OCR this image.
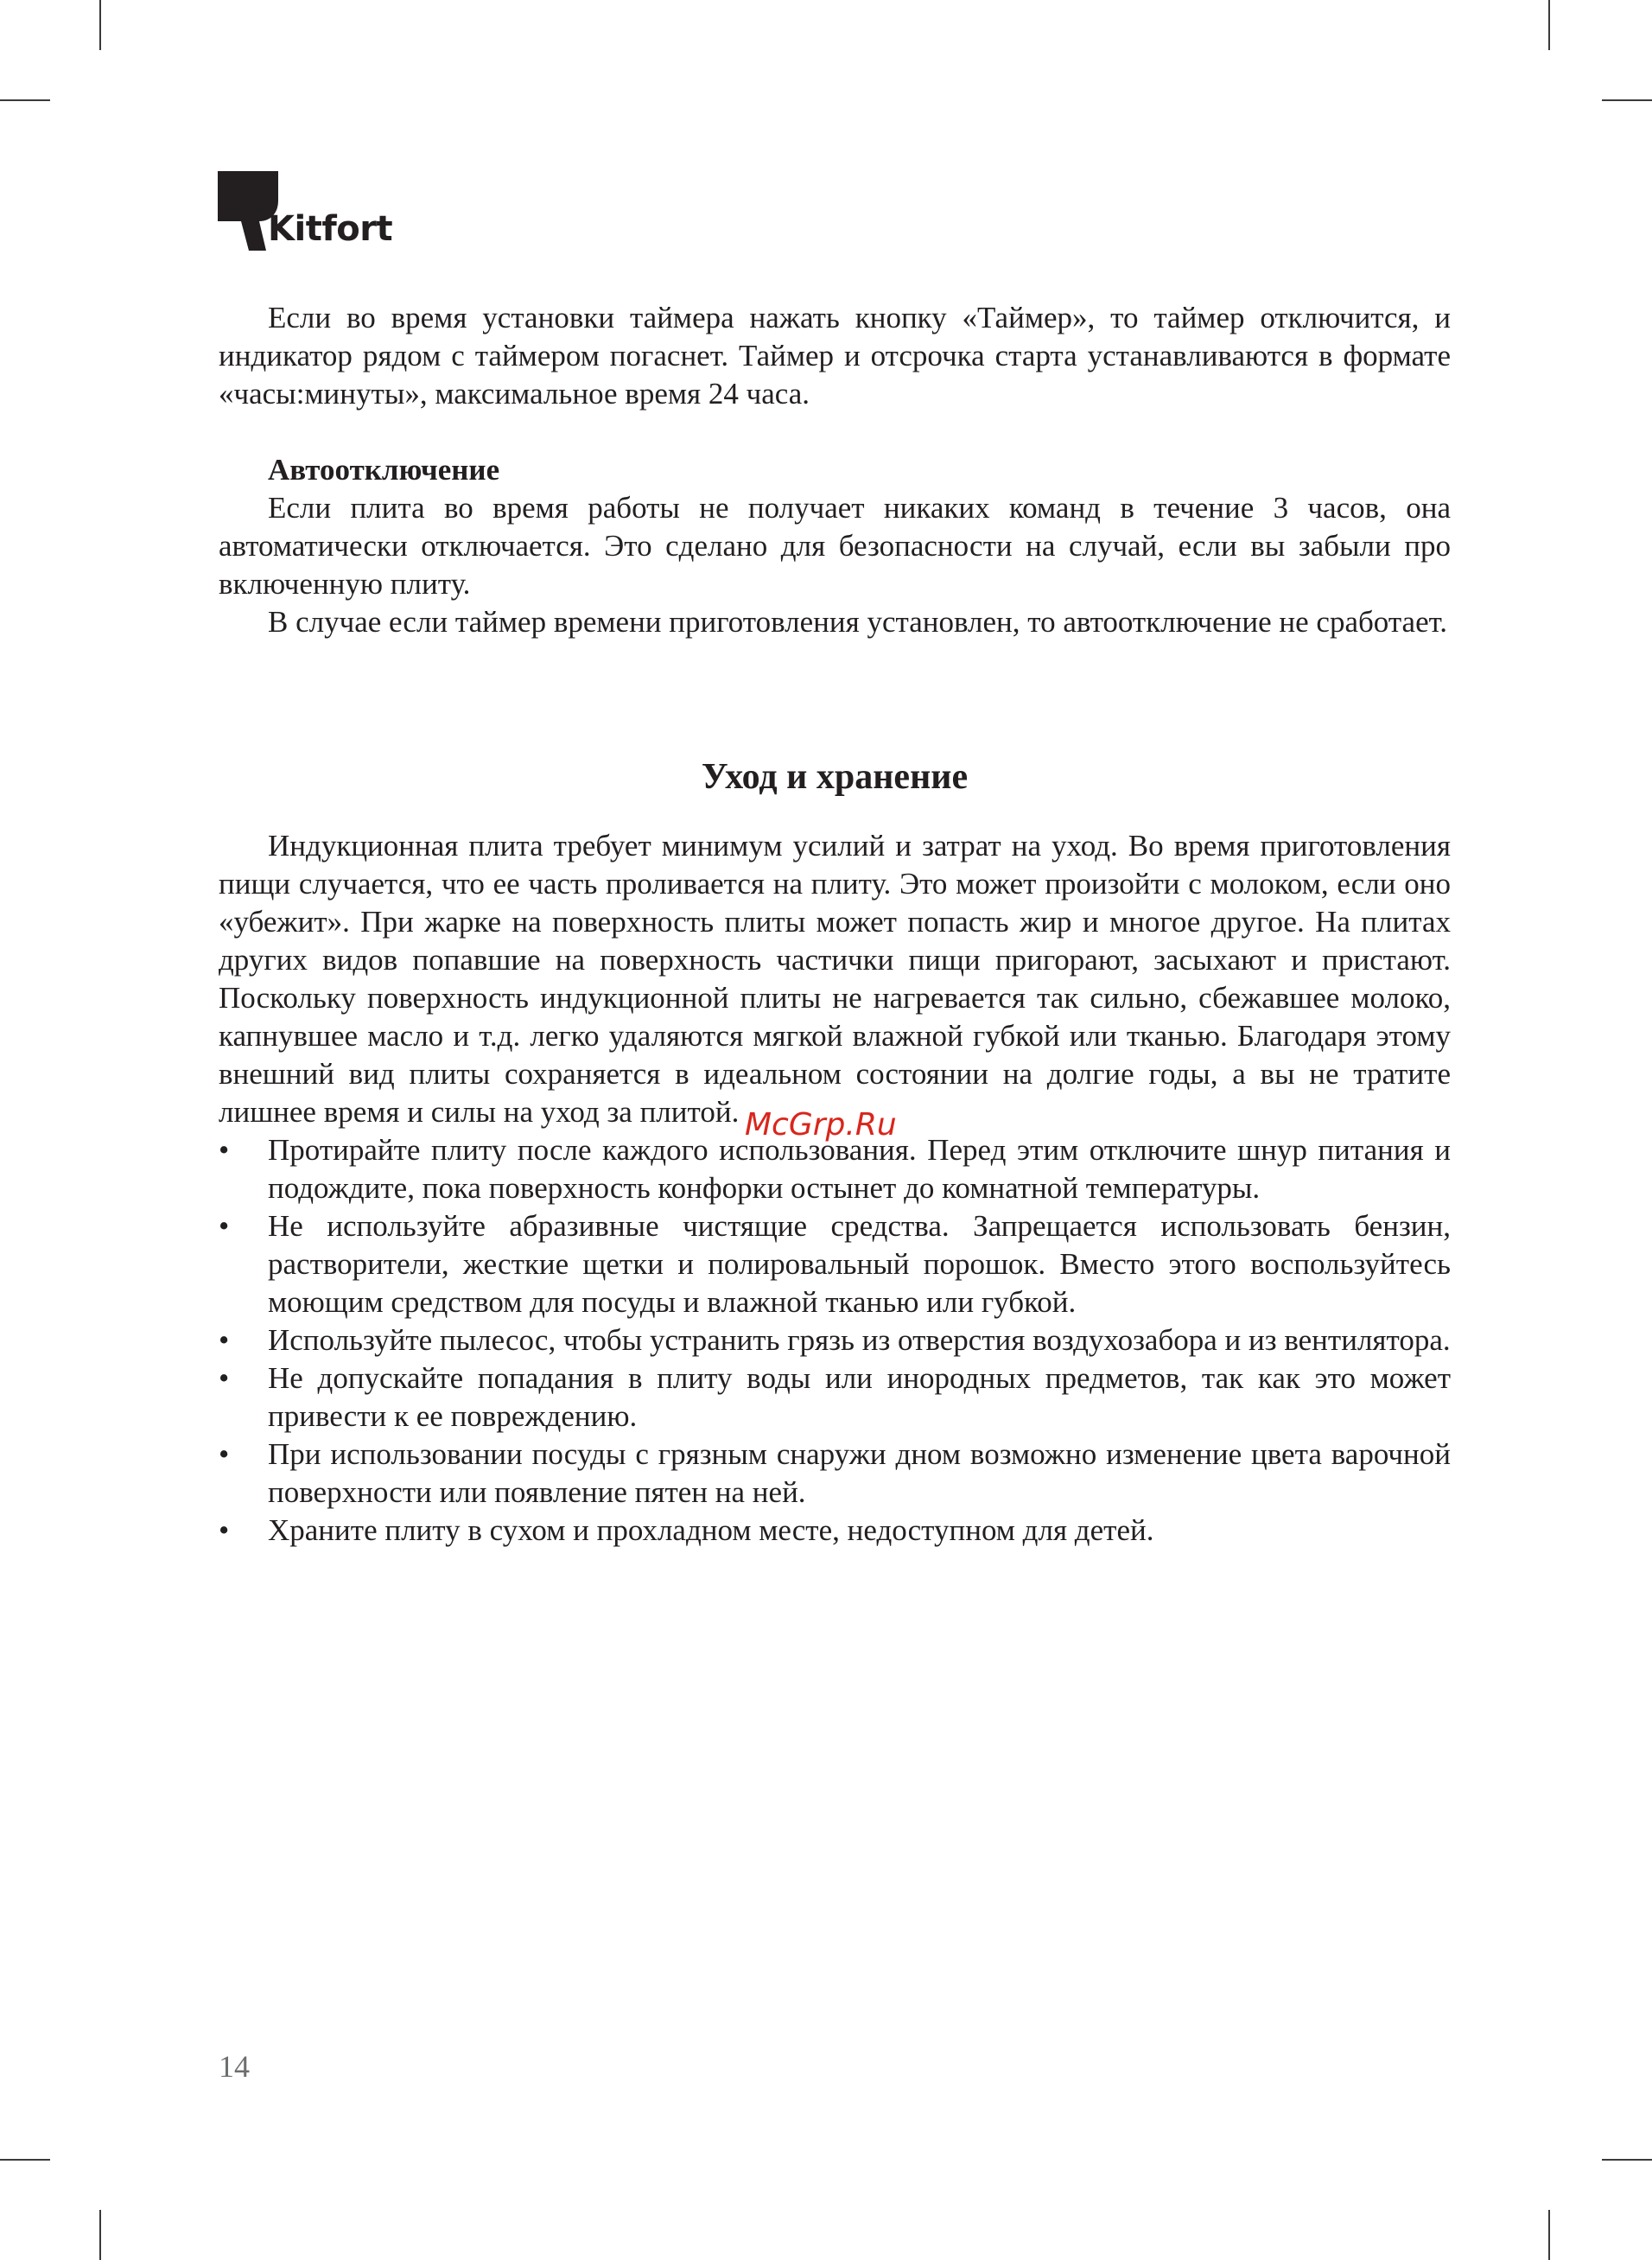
Kitfort

Если во время установки таймера нажать кнопку «Таймер», то таймер отключится, и индикатор рядом с таймером погаснет. Таймер и отсрочка старта устанавливаются в формате «часы:минуты», максимальное время 24 часа.

Автоотключение

Если плита во время работы не получает никаких команд в течение 3 часов, она автоматически отключается. Это сделано для безопасности на случай, если вы забыли про включенную плиту.

В случае если таймер времени приготовления установлен, то автоотключение не сработает.

Уход и хранение

Индукционная плита требует минимум усилий и затрат на уход. Во время приготовления пищи случается, что ее часть проливается на плиту. Это может произойти с молоком, если оно «убежит». При жарке на поверхность плиты может попасть жир и многое другое. На плитах других видов попавшие на поверхность частички пищи пригорают, засыхают и пристают. Поскольку поверхность индукционной плиты не нагревается так сильно, сбежавшее молоко, капнувшее масло и т.д. легко удаляются мягкой влажной губкой или тканью. Благодаря этому внешний вид плиты сохраняется в идеальном состоянии на долгие годы, а вы не тратите лишнее время и силы на уход за плитой.

• Протирайте плиту после каждого использования. Перед этим отключите шнур питания и подождите, пока поверхность конфорки остынет до комнатной температуры.
• Не используйте абразивные чистящие средства. Запрещается использовать бензин, растворители, жесткие щетки и полировальный порошок. Вместо этого воспользуйтесь моющим средством для посуды и влажной тканью или губкой.
• Используйте пылесос, чтобы устранить грязь из отверстия воздухозабора и из вентилятора.
• Не допускайте попадания в плиту воды или инородных предметов, так как это может привести к ее повреждению.
• При использовании посуды с грязным снаружи дном возможно изменение цвета варочной поверхности или появление пятен на ней.
• Храните плиту в сухом и прохладном месте, недоступном для детей.
McGrp.Ru
14
